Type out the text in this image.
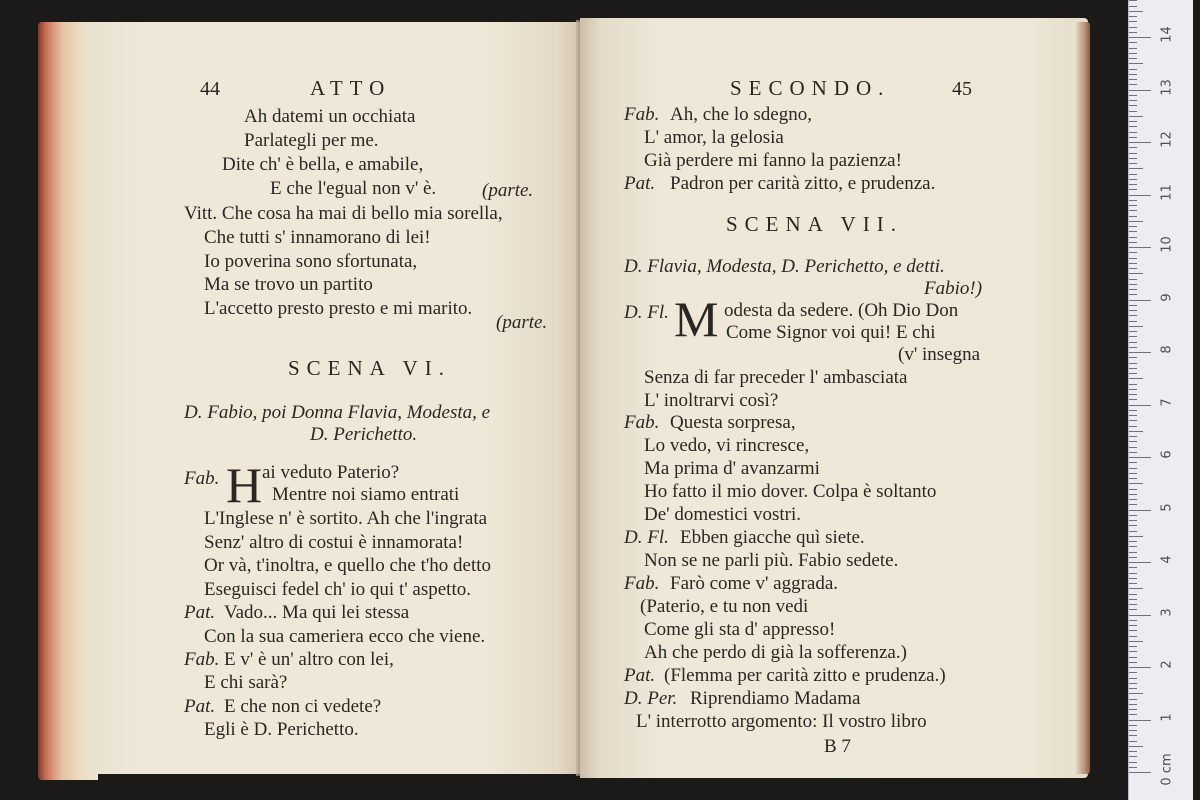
44	ATTO
Ah datemi un occhiata
Parlategli per me.
Dite ch' è bella, e amabile,
E che l'egual non v' è. (parte.
Vitt. Che cosa ha mai di bello mia sorella,
Che tutti s' innamorano di lei!
Io poverina sono sfortunata,
Ma se trovo un partito
L'accetto presto presto e mi marito.
(parte.
SCENA VI.
D. Fabio, poi Donna Flavia, Modesta, e
D. Perichetto.
Fab. H ai veduto Paterio?
Mentre noi siamo entrati
L'Inglese n' è sortito. Ah che l'ingrata
Senz' altro di costui è innamorata!
Or và, t'inoltra, e quello che t'ho detto
Eseguisci fedel ch' io qui t' aspetto.
Pat. Vado... Ma qui lei stessa
Con la sua cameriera ecco che viene.
Fab. E v' è un' altro con lei,
E chi sarà?
Pat. E che non ci vedete?
Egli è D. Perichetto.
SECONDO.	45
Fab. Ah, che lo sdegno,
L' amor, la gelosia
Già perdere mi fanno la pazienza!
Pat. Padron per carità zitto, e prudenza.
SCENA VII.
D. Flavia, Modesta, D. Perichetto, e detti.
Fabio!)
D. Fl. M odesta da sedere. (Oh Dio Don
Come Signor voi qui! E chi
(v' insegna
Senza di far preceder l' ambasciata
L' inoltrarvi così?
Fab. Questa sorpresa,
Lo vedo, vi rincresce,
Ma prima d' avanzarmi
Ho fatto il mio dover. Colpa è soltanto
De' domestici vostri.
D. Fl. Ebben giacche quì siete.
Non se ne parli più. Fabio sedete.
Fab. Farò come v' aggrada.
(Paterio, e tu non vedi
Come gli sta d' appresso!
Ah che perdo di già la sofferenza.)
Pat. (Flemma per carità zitto e prudenza.)
D. Per. Riprendiamo Madama
L' interrotto argomento: Il vostro libro
B 7
0 cm
1
2
3
4
5
6
7
8
9
10
11
12
13
14
